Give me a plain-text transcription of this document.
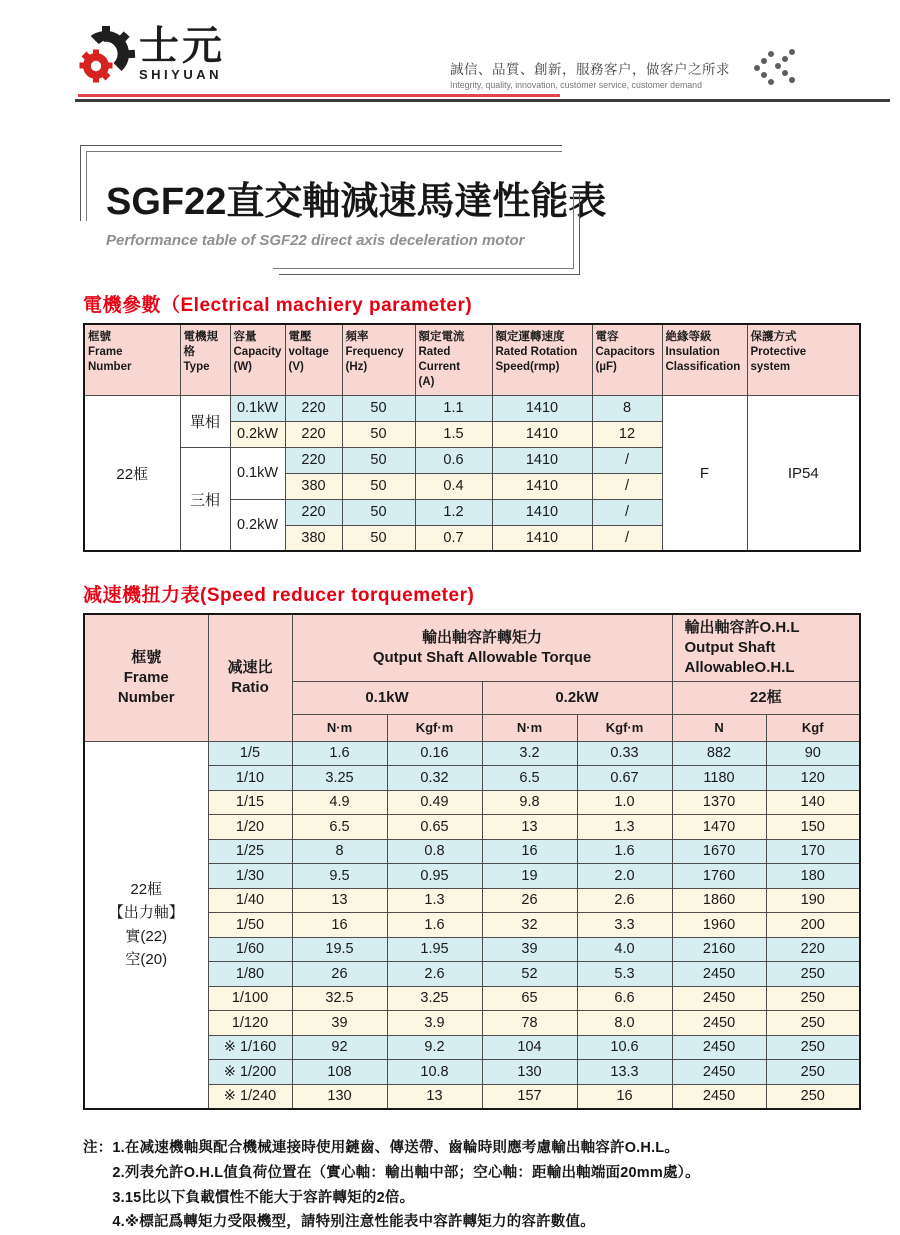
士元
SHIYUAN	誠信、品質、創新，服務客户，做客户之所求
Integrity, quality, innovation, customer service, customer demand
SGF22直交軸減速馬達性能表

Performance table of SGF22 direct axis deceleration motor

電機參數（Electrical machiery parameter)
框號
Frame
Number	電機規格
Type	容量
Capacity
(W)	電壓
voltage
(V)	頻率
Frequency
(Hz)	額定電流
Rated
Current
(A)	額定運轉速度
Rated Rotation
Speed(rmp)	電容
Capacitors
(µF)	絶緣等級
Insulation
Classification	保護方式
Protective
system
22框	單相	0.1kW	220	50	1.1	1410	8	F	IP54
		0.2kW	220	50	1.5	1410	12		
	三相	0.1kW	220	50	0.6	1410	/		
			380	50	0.4	1410	/		
		0.2kW	220	50	1.2	1410	/		
			380	50	0.7	1410	/		
减速機扭力表(Speed reducer torquemeter)
框號
Frame
Number	减速比
Ratio	輸出軸容許轉矩力
Qutput Shaft Allowable Torque				輸出軸容許O.H.L
Output Shaft
AllowableO.H.L	
		0.1kW		0.2kW		22框	
		N·m	Kgf·m	N·m	Kgf·m	N	Kgf
22框
【出力軸】
實(22)
空(20)	1/5	1.6	0.16	3.2	0.33	882	90
	1/10	3.25	0.32	6.5	0.67	1180	120
	1/15	4.9	0.49	9.8	1.0	1370	140
	1/20	6.5	0.65	13	1.3	1470	150
	1/25	8	0.8	16	1.6	1670	170
	1/30	9.5	0.95	19	2.0	1760	180
	1/40	13	1.3	26	2.6	1860	190
	1/50	16	1.6	32	3.3	1960	200
	1/60	19.5	1.95	39	4.0	2160	220
	1/80	26	2.6	52	5.3	2450	250
	1/100	32.5	3.25	65	6.6	2450	250
	1/120	39	3.9	78	8.0	2450	250
	※ 1/160	92	9.2	104	10.6	2450	250
	※ 1/200	108	10.8	130	13.3	2450	250
	※ 1/240	130	13	157	16	2450	250
注： 1.在减速機軸與配合機械連接時使用鏈齒、傳送帶、齒輪時則應考慮輸出軸容許O.H.L。
2.列表允許O.H.L值負荷位置在（實心軸：輸出軸中部；空心軸：距輸出軸端面20mm處）。
3.15比以下負載慣性不能大于容許轉矩的2倍。
4.※標記爲轉矩力受限機型，請特别注意性能表中容許轉矩力的容許數值。
